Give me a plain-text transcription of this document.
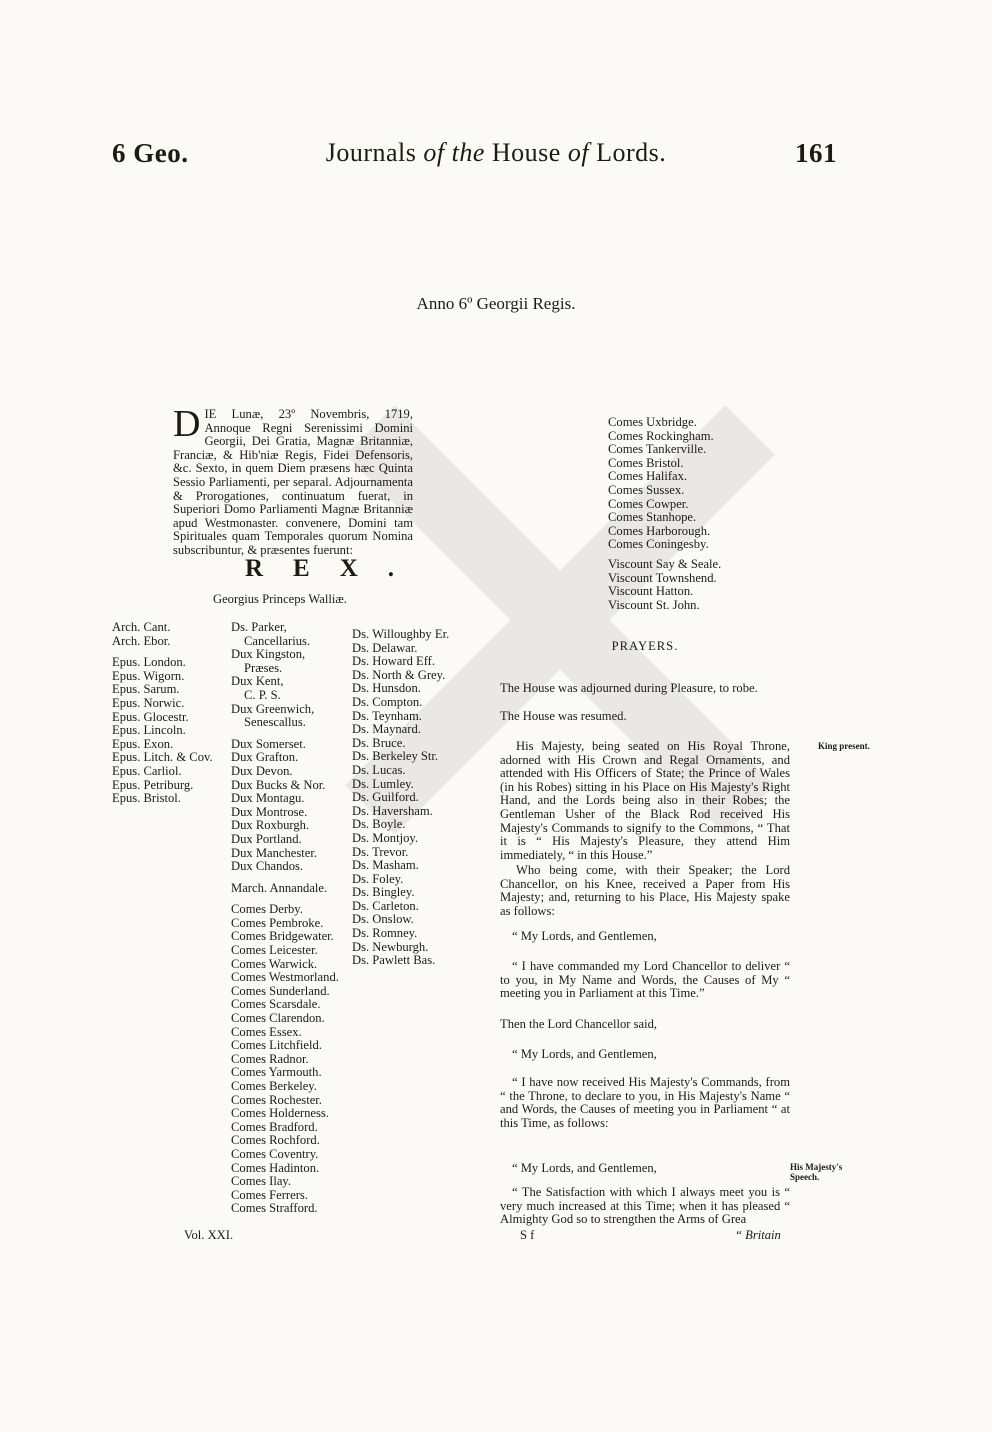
6 Geo.	Journals of the House of Lords.	161
Anno 6º Georgii Regis.
D IE Lunæ, 23º Novembris, 1719, Annoque Regni Serenissimi Domini Georgii, Dei Gratia, Magnæ Britanniæ, Franciæ, & Hib'niæ Regis, Fidei Defensoris, &c. Sexto, in quem Diem præsens hæc Quinta Sessio Parliamenti, per separal. Adjournamenta & Prorogationes, continuatum fuerat, in Superiori Domo Parliamenti Magnæ Britanniæ apud Westmonaster. convenere, Domini tam Spirituales quam Temporales quorum Nomina subscribuntur, & præsentes fuerunt:
REX.
Georgius Princeps Walliæ.
Arch. Cant.
Arch. Ebor.
Epus. London.
Epus. Wigorn.
Epus. Sarum.
Epus. Norwic.
Epus. Glocestr.
Epus. Lincoln.
Epus. Exon.
Epus. Litch. & Cov.
Epus. Carliol.
Epus. Petriburg.
Epus. Bristol.
Ds. Parker,
Cancellarius.
Dux Kingston,
Præses.
Dux Kent,
C. P. S.
Dux Greenwich,
Senescallus.
Dux Somerset.
Dux Grafton.
Dux Devon.
Dux Bucks & Nor.
Dux Montagu.
Dux Montrose.
Dux Roxburgh.
Dux Portland.
Dux Manchester.
Dux Chandos.
March. Annandale.
Comes Derby.
Comes Pembroke.
Comes Bridgewater.
Comes Leicester.
Comes Warwick.
Comes Westmorland.
Comes Sunderland.
Comes Scarsdale.
Comes Clarendon.
Comes Essex.
Comes Litchfield.
Comes Radnor.
Comes Yarmouth.
Comes Berkeley.
Comes Rochester.
Comes Holderness.
Comes Bradford.
Comes Rochford.
Comes Coventry.
Comes Hadinton.
Comes Ilay.
Comes Ferrers.
Comes Strafford.
Ds. Willoughby Er.
Ds. Delawar.
Ds. Howard Eff.
Ds. North & Grey.
Ds. Hunsdon.
Ds. Compton.
Ds. Teynham.
Ds. Maynard.
Ds. Bruce.
Ds. Berkeley Str.
Ds. Lucas.
Ds. Lumley.
Ds. Guilford.
Ds. Haversham.
Ds. Boyle.
Ds. Montjoy.
Ds. Trevor.
Ds. Masham.
Ds. Foley.
Ds. Bingley.
Ds. Carleton.
Ds. Onslow.
Ds. Romney.
Ds. Newburgh.
Ds. Pawlett Bas.
Comes Uxbridge.
Comes Rockingham.
Comes Tankerville.
Comes Bristol.
Comes Halifax.
Comes Sussex.
Comes Cowper.
Comes Stanhope.
Comes Harborough.
Comes Coningesby.
Viscount Say & Seale.
Viscount Townshend.
Viscount Hatton.
Viscount St. John.
PRAYERS.
The House was adjourned during Pleasure, to robe.
The House was resumed.
His Majesty, being seated on His Royal Throne, adorned with His Crown and Regal Ornaments, and attended with His Officers of State; the Prince of Wales (in his Robes) sitting in his Place on His Majesty's Right Hand, and the Lords being also in their Robes; the Gentleman Usher of the Black Rod received His Majesty's Commands to signify to the Commons, “ That it is “ His Majesty's Pleasure, they attend Him immediately, “ in this House.”
King present.
Who being come, with their Speaker; the Lord Chancellor, on his Knee, received a Paper from His Majesty; and, returning to his Place, His Majesty spake as follows:
“ My Lords, and Gentlemen,
“ I have commanded my Lord Chancellor to deliver “ to you, in My Name and Words, the Causes of My “ meeting you in Parliament at this Time.”
Then the Lord Chancellor said,
“ My Lords, and Gentlemen,
“ I have now received His Majesty's Commands, from “ the Throne, to declare to you, in His Majesty's Name “ and Words, the Causes of meeting you in Parliament “ at this Time, as follows:
“ My Lords, and Gentlemen,	His Majesty's
Speech.
“ The Satisfaction with which I always meet you is “ very much increased at this Time; when it has pleased “ Almighty God so to strengthen the Arms of Grea
Vol. XXI.	S f	“ Britain
